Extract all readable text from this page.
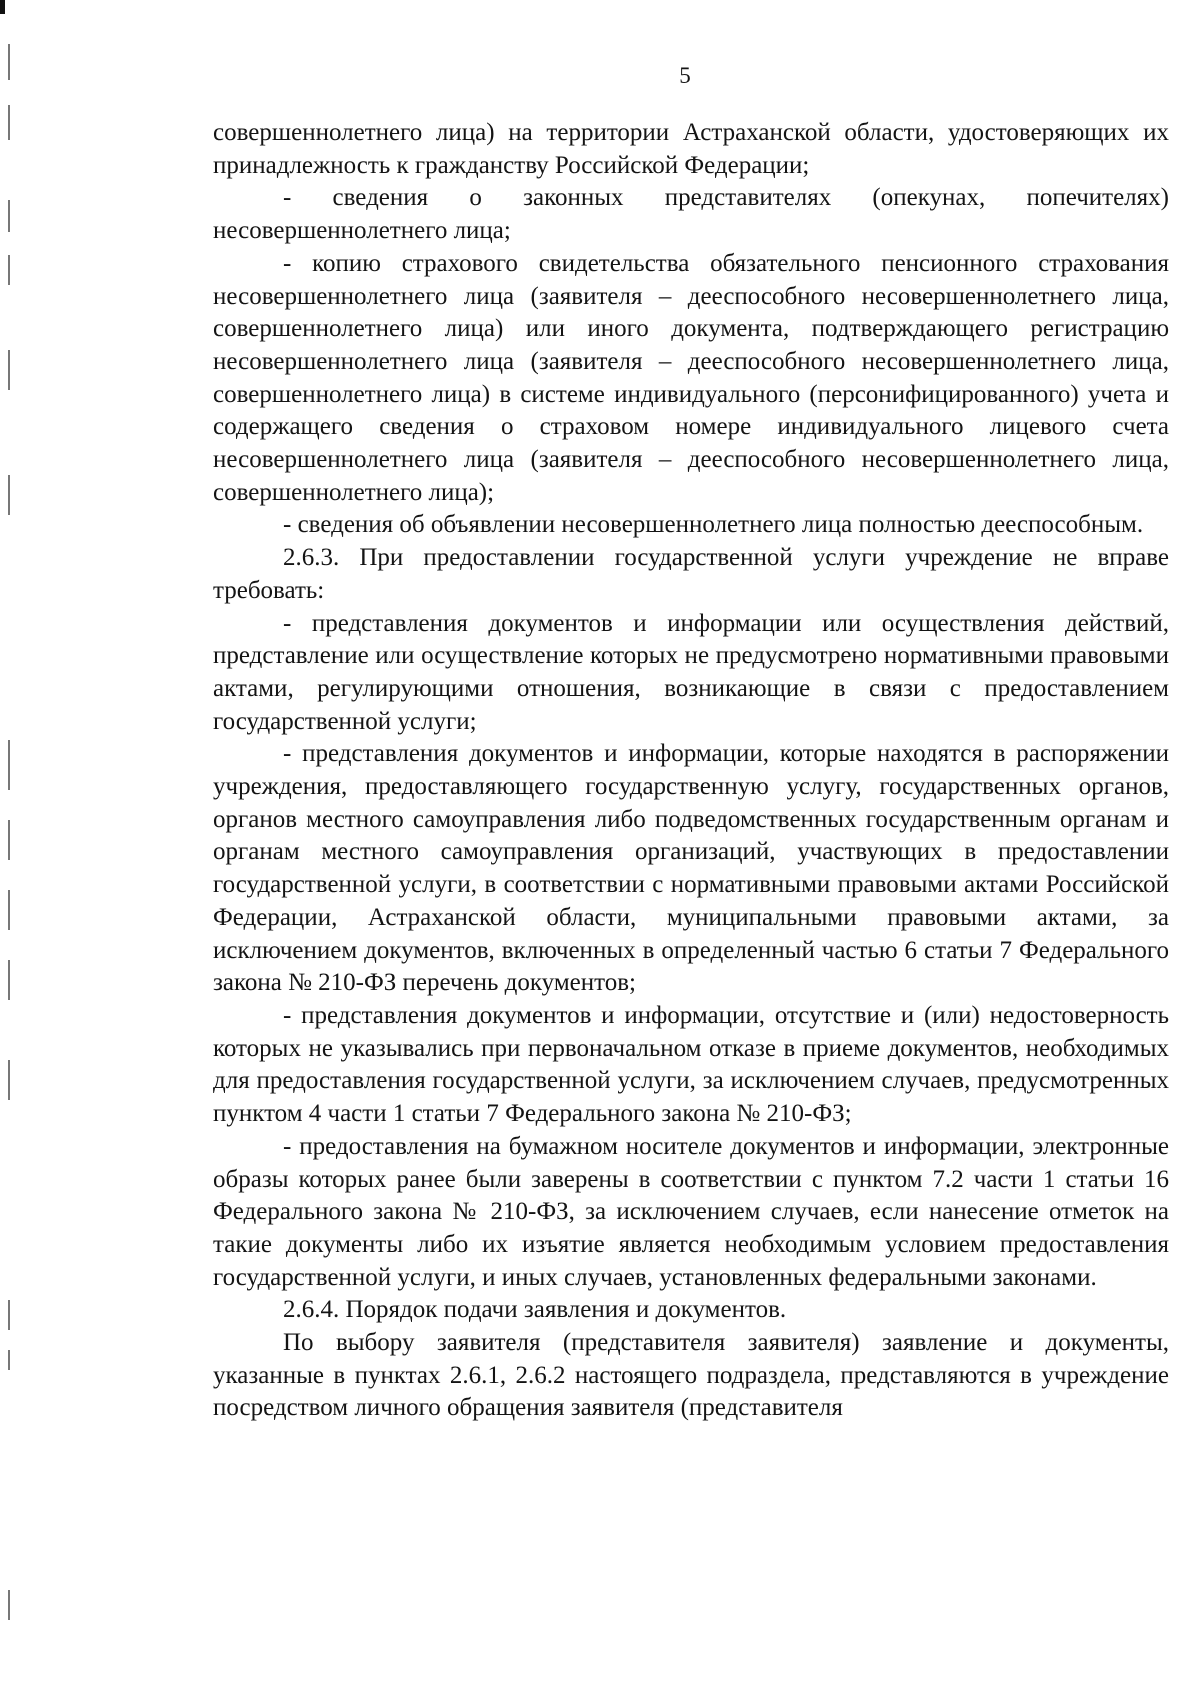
5

совершеннолетнего лица) на территории Астраханской области, удостоверяющих их принадлежность к гражданству Российской Федерации;

- сведения о законных представителях (опекунах, попечителях) несовершеннолетнего лица;

- копию страхового свидетельства обязательного пенсионного страхования несовершеннолетнего лица (заявителя – дееспособного несовершеннолетнего лица, совершеннолетнего лица) или иного документа, подтверждающего регистрацию несовершеннолетнего лица (заявителя – дееспособного несовершеннолетнего лица, совершеннолетнего лица) в системе индивидуального (персонифицированного) учета и содержащего сведения о страховом номере индивидуального лицевого счета несовершеннолетнего лица (заявителя – дееспособного несовершеннолетнего лица, совершеннолетнего лица);

- сведения об объявлении несовершеннолетнего лица полностью дееспособным.

2.6.3. При предоставлении государственной услуги учреждение не вправе требовать:

- представления документов и информации или осуществления действий, представление или осуществление которых не предусмотрено нормативными правовыми актами, регулирующими отношения, возникающие в связи с предоставлением государственной услуги;

- представления документов и информации, которые находятся в распоряжении учреждения, предоставляющего государственную услугу, государственных органов, органов местного самоуправления либо подведомственных государственным органам и органам местного самоуправления организаций, участвующих в предоставлении государственной услуги, в соответствии с нормативными правовыми актами Российской Федерации, Астраханской области, муниципальными правовыми актами, за исключением документов, включенных в определенный частью 6 статьи 7 Федерального закона № 210-ФЗ перечень документов;

- представления документов и информации, отсутствие и (или) недостоверность которых не указывались при первоначальном отказе в приеме документов, необходимых для предоставления государственной услуги, за исключением случаев, предусмотренных пунктом 4 части 1 статьи 7 Федерального закона № 210-ФЗ;

- предоставления на бумажном носителе документов и информации, электронные образы которых ранее были заверены в соответствии с пунктом 7.2 части 1 статьи 16 Федерального закона № 210-ФЗ, за исключением случаев, если нанесение отметок на такие документы либо их изъятие является необходимым условием предоставления государственной услуги, и иных случаев, установленных федеральными законами.

2.6.4. Порядок подачи заявления и документов.

По выбору заявителя (представителя заявителя) заявление и документы, указанные в пунктах 2.6.1, 2.6.2 настоящего подраздела, представляются в учреждение посредством личного обращения заявителя (представителя
